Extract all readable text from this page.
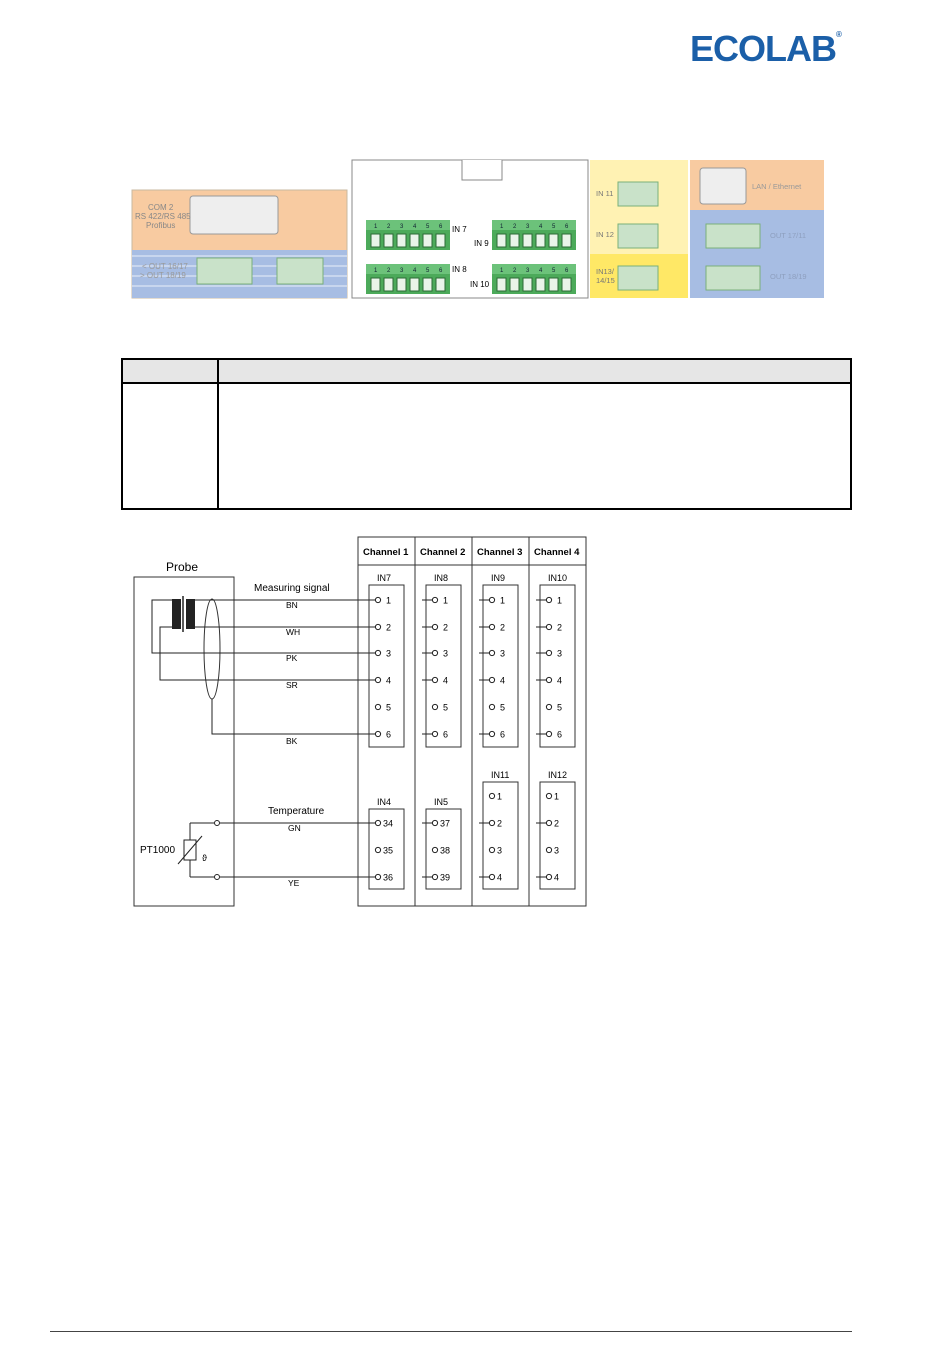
ECOLAB®
COM 2
RS 422/RS 485
Profibus
< OUT 16/17
> OUT 18/19
1 2 3 4 5 6
1 2 3 4 5 6
1 2 3 4 5 6
1 2 3 4 5 6
IN 7
IN 8
IN 9
IN 10
IN 11
IN 12
IN13/
14/15
LAN / Ethernet
OUT 17/11
OUT 18/19
Probe
PT1000
ϑ
Measuring signal
Temperature
BN
WH
PK
SR
BK
GN
YE
Channel 1 Channel 2 Channel 3 Channel 4
IN7
1
2
3
4
5
6
IN8
1
2
3
4
5
6
IN9
1
2
3
4
5
6
IN10
1
2
3
4
5
6
IN4
34
35
36
IN5
37
38
39
IN11
1
2
3
4
IN12
1
2
3
4
